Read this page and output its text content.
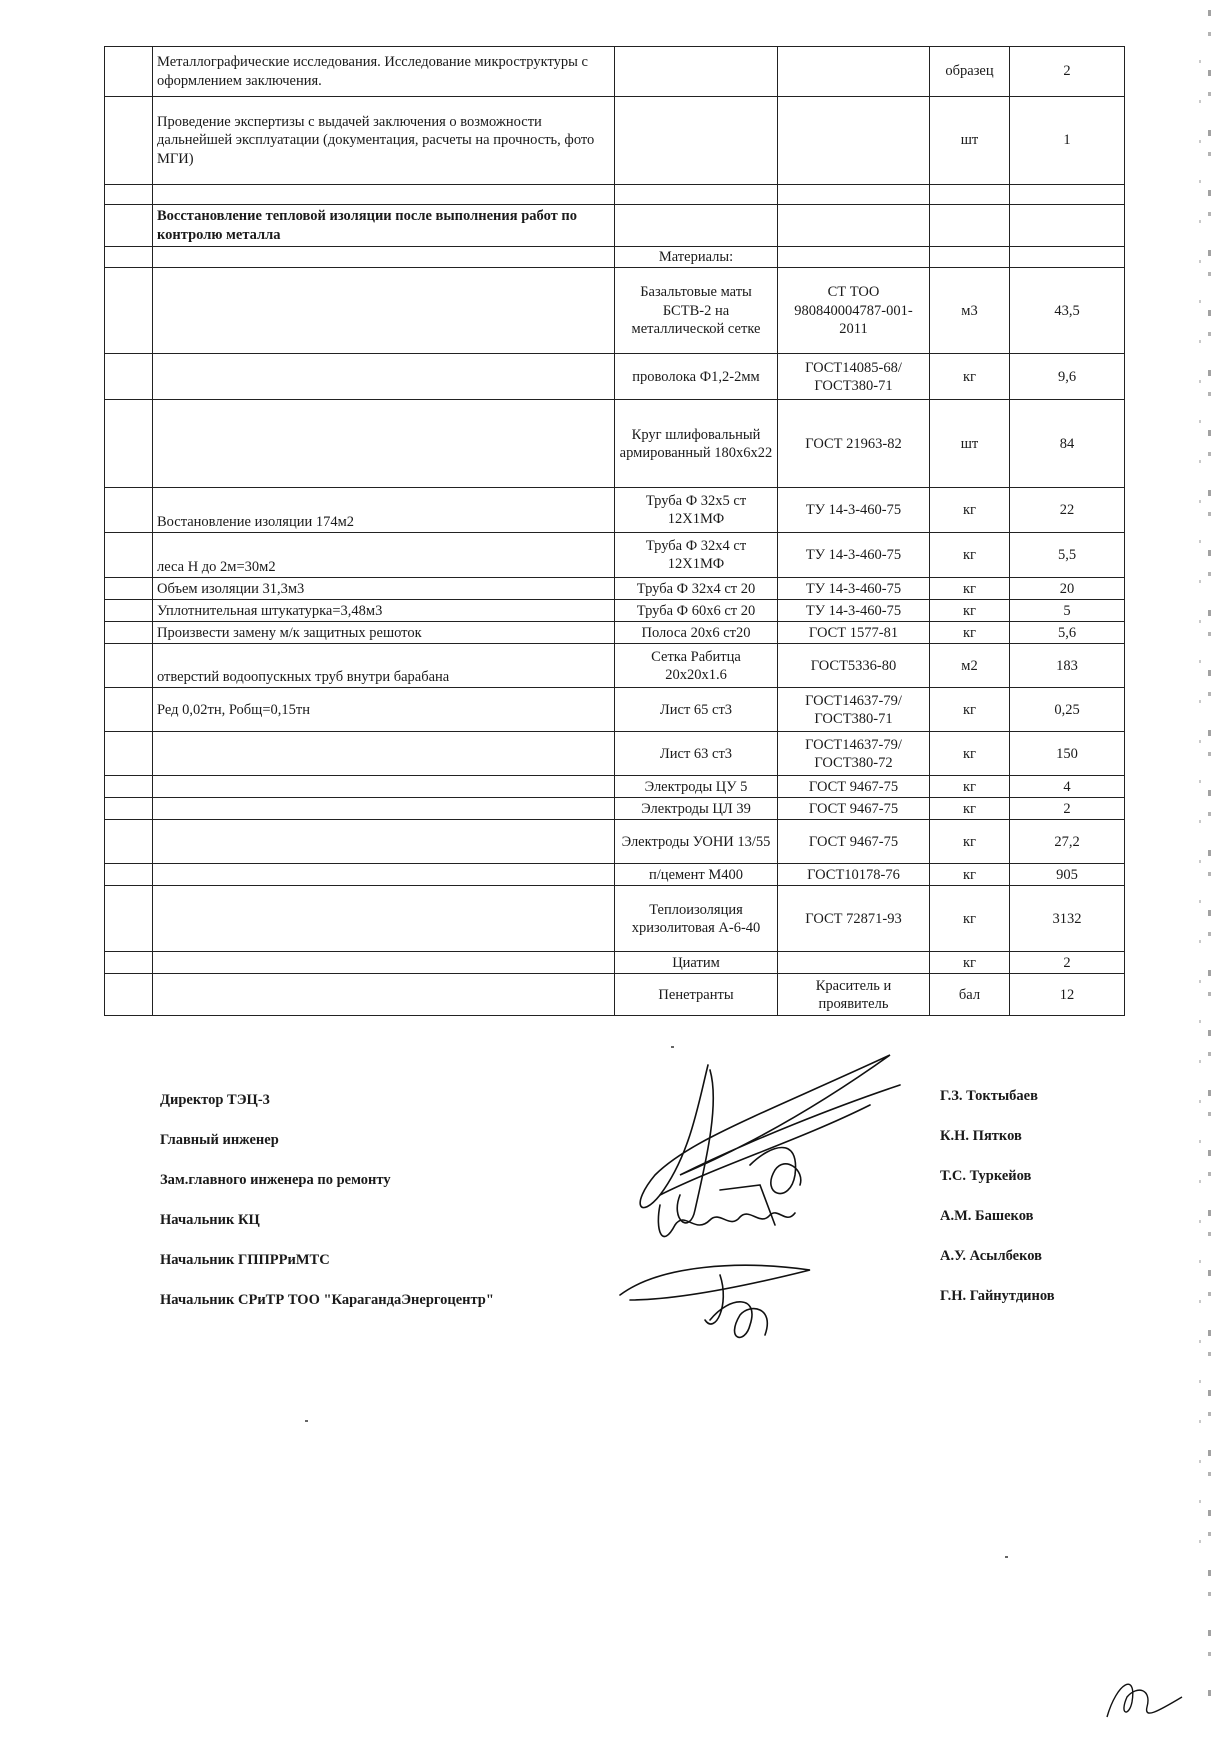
	Металлографические исследования. Исследование микроструктуры с оформлением заключения.			образец	2
	Проведение экспертизы с выдачей заключения о возможности дальнейшей эксплуатации (документация, расчеты на прочность, фото МГИ)			шт	1

	Восстановление тепловой изоляции после выполнения работ по контролю металла				
		Материалы:			
		Базальтовые маты БСТВ-2 на металлической сетке	СТ ТОО 980840004787-001-2011	м3	43,5
		проволока Ф1,2-2мм	ГОСТ14085-68/ГОСТ380-71	кг	9,6
		Круг шлифовальный армированный 180х6х22	ГОСТ 21963-82	шт	84
	Востановление изоляции 174м2	Труба Ф 32х5 ст 12Х1МФ	ТУ 14-3-460-75	кг	22
	леса Н до 2м=30м2	Труба Ф 32х4 ст 12Х1МФ	ТУ 14-3-460-75	кг	5,5
	Объем изоляции 31,3м3	Труба Ф 32х4 ст 20	ТУ 14-3-460-75	кг	20
	Уплотнительная штукатурка=3,48м3	Труба Ф 60х6 ст 20	ТУ 14-3-460-75	кг	5
	Произвести замену м/к защитных решоток	Полоса 20х6 ст20	ГОСТ 1577-81	кг	5,6
	отверстий водоопускных труб внутри барабана	Сетка Рабитца 20х20х1.6	ГОСТ5336-80	м2	183
	Ред 0,02тн, Робщ=0,15тн	Лист 65 ст3	ГОСТ14637-79/ГОСТ380-71	кг	0,25
		Лист 63 ст3	ГОСТ14637-79/ГОСТ380-72	кг	150
		Электроды ЦУ 5	ГОСТ 9467-75	кг	4
		Электроды ЦЛ 39	ГОСТ 9467-75	кг	2
		Электроды УОНИ 13/55	ГОСТ 9467-75	кг	27,2
		п/цемент М400	ГОСТ10178-76	кг	905
		Теплоизоляция хризолитовая А-6-40	ГОСТ 72871-93	кг	3132
		Циатим		кг	2
		Пенетранты	Краситель и проявитель	бал	12
Директор ТЭЦ-3	Г.З. Токтыбаев
Главный инженер	К.Н. Пятков
Зам.главного инженера по ремонту	Т.С. Туркейов
Начальник КЦ	А.М. Башеков
Начальник ГППРРиМТС	А.У. Асылбеков
Начальник СРиТР ТОО "КарагандаЭнергоцентр"	Г.Н. Гайнутдинов
